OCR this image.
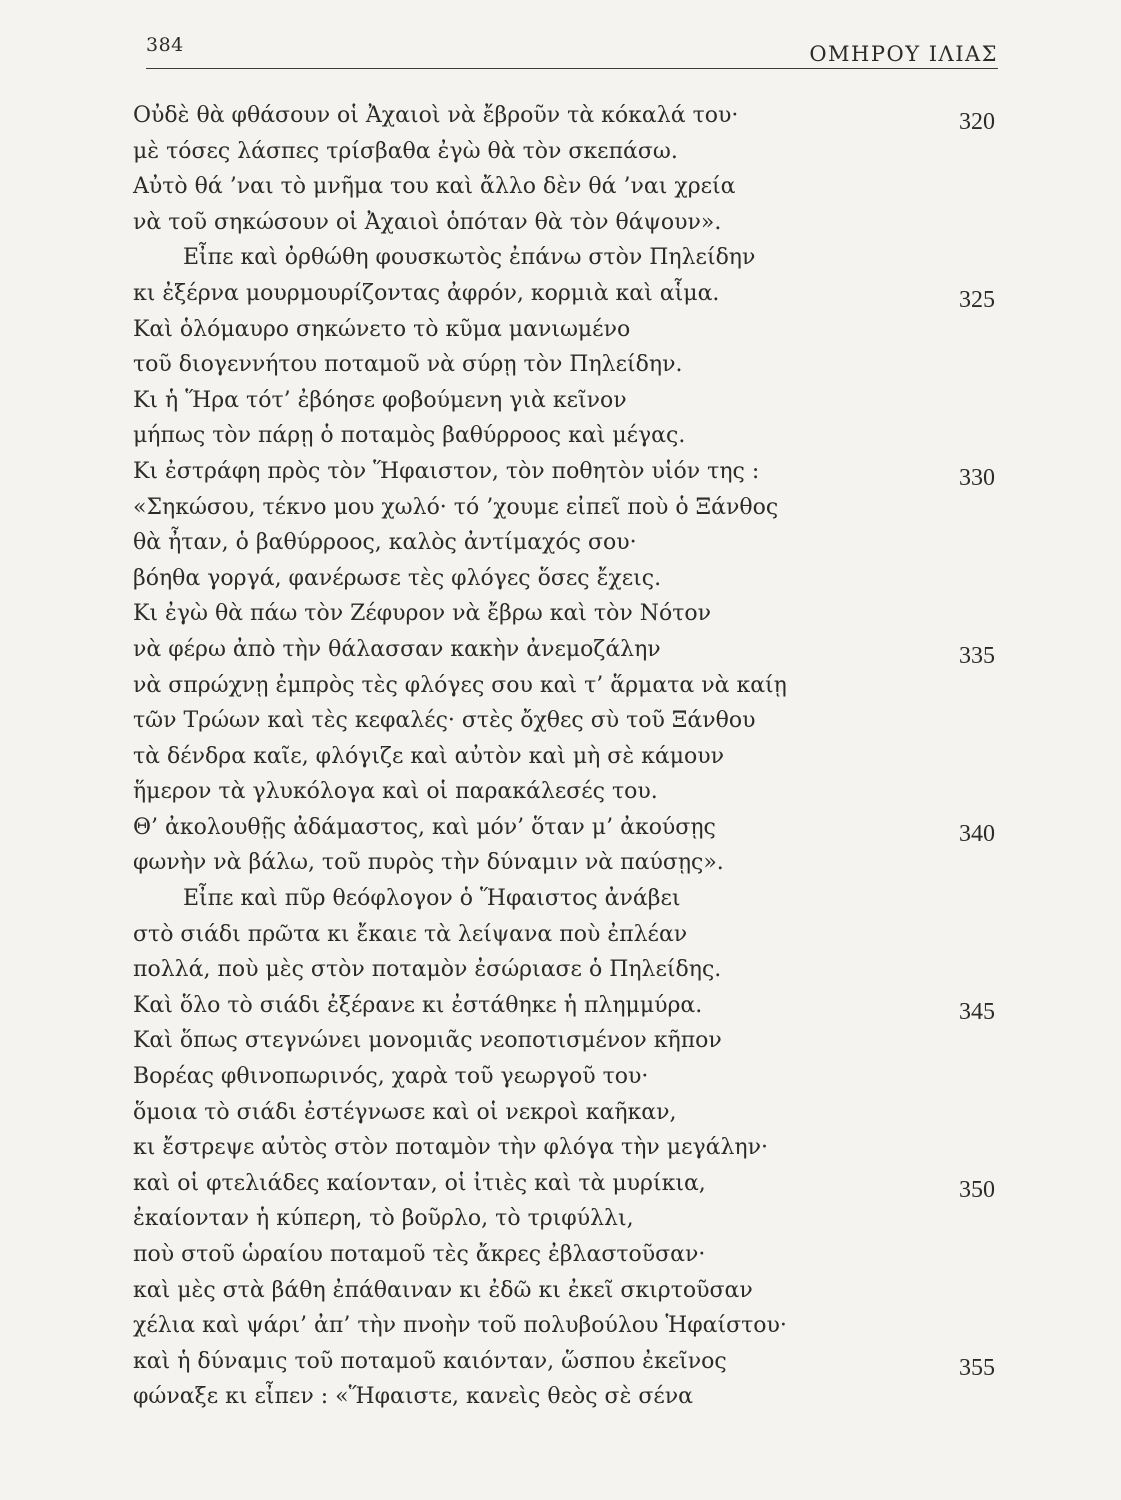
384	ΟΜΗΡΟΥ ΙΛΙΑΣ
Οὐδὲ θὰ φθάσουν οἱ Ἀχαιοὶ νὰ ἔβροῦν τὰ κόκαλά του·	320
μὲ τόσες λάσπες τρίσβαθα ἐγὼ θὰ τὸν σκεπάσω.
Αὐτὸ θά ’ναι τὸ μνῆμα του καὶ ἄλλο δὲν θά ’ναι χρεία
νὰ τοῦ σηκώσουν οἱ Ἀχαιοὶ ὁπόταν θὰ τὸν θάψουν».
Εἶπε καὶ ὀρθώθη φουσκωτὸς ἐπάνω στὸν Πηλείδην
κι ἐξέρνα μουρμουρίζοντας ἀφρόν, κορμιὰ καὶ αἷμα.	325
Καὶ ὁλόμαυρο σηκώνετο τὸ κῦμα μανιωμένο
τοῦ διογεννήτου ποταμοῦ νὰ σύρῃ τὸν Πηλείδην.
Κι ἡ Ἥρα τότ’ ἐβόησε φοβούμενη γιὰ κεῖνον
μήπως τὸν πάρῃ ὁ ποταμὸς βαθύρροος καὶ μέγας.
Κι ἐστράφη πρὸς τὸν Ἥφαιστον, τὸν ποθητὸν υἱόν της :	330
«Σηκώσου, τέκνο μου χωλό· τό ’χουμε εἰπεῖ ποὺ ὁ Ξάνθος
θὰ ἦταν, ὁ βαθύρροος, καλὸς ἀντίμαχός σου·
βόηθα γοργά, φανέρωσε τὲς φλόγες ὅσες ἔχεις.
Κι ἐγὼ θὰ πάω τὸν Ζέφυρον νὰ ἔβρω καὶ τὸν Νότον
νὰ φέρω ἀπὸ τὴν θάλασσαν κακὴν ἀνεμοζάλην	335
νὰ σπρώχνῃ ἐμπρὸς τὲς φλόγες σου καὶ τ’ ἅρματα νὰ καίῃ
τῶν Τρώων καὶ τὲς κεφαλές· στὲς ὄχθες σὺ τοῦ Ξάνθου
τὰ δένδρα καῖε, φλόγιζε καὶ αὐτὸν καὶ μὴ σὲ κάμουν
ἥμερον τὰ γλυκόλογα καὶ οἱ παρακάλεσές του.
Θ’ ἀκολουθῇς ἀδάμαστος, καὶ μόν’ ὅταν μ’ ἀκούσῃς	340
φωνὴν νὰ βάλω, τοῦ πυρὸς τὴν δύναμιν νὰ παύσῃς».
Εἶπε καὶ πῦρ θεόφλογον ὁ Ἥφαιστος ἀνάβει
στὸ σιάδι πρῶτα κι ἔκαιε τὰ λείψανα ποὺ ἐπλέαν
πολλά, ποὺ μὲς στὸν ποταμὸν ἐσώριασε ὁ Πηλείδης.
Καὶ ὅλο τὸ σιάδι ἐξέρανε κι ἐστάθηκε ἡ πλημμύρα.	345
Καὶ ὅπως στεγνώνει μονομιᾶς νεοποτισμένον κῆπον
Βορέας φθινοπωρινός, χαρὰ τοῦ γεωργοῦ του·
ὅμοια τὸ σιάδι ἐστέγνωσε καὶ οἱ νεκροὶ καῆκαν,
κι ἔστρεψε αὐτὸς στὸν ποταμὸν τὴν φλόγα τὴν μεγάλην·
καὶ οἱ φτελιάδες καίονταν, οἱ ἰτιὲς καὶ τὰ μυρίκια,	350
ἐκαίονταν ἡ κύπερη, τὸ βοῦρλο, τὸ τριφύλλι,
ποὺ στοῦ ὡραίου ποταμοῦ τὲς ἄκρες ἐβλαστοῦσαν·
καὶ μὲς στὰ βάθη ἐπάθαιναν κι ἐδῶ κι ἐκεῖ σκιρτοῦσαν
χέλια καὶ ψάρι’ ἀπ’ τὴν πνοὴν τοῦ πολυβούλου Ἡφαίστου·
καὶ ἡ δύναμις τοῦ ποταμοῦ καιόνταν, ὥσπου ἐκεῖνος	355
φώναξε κι εἶπεν : «Ἥφαιστε, κανεὶς θεὸς σὲ σένα
